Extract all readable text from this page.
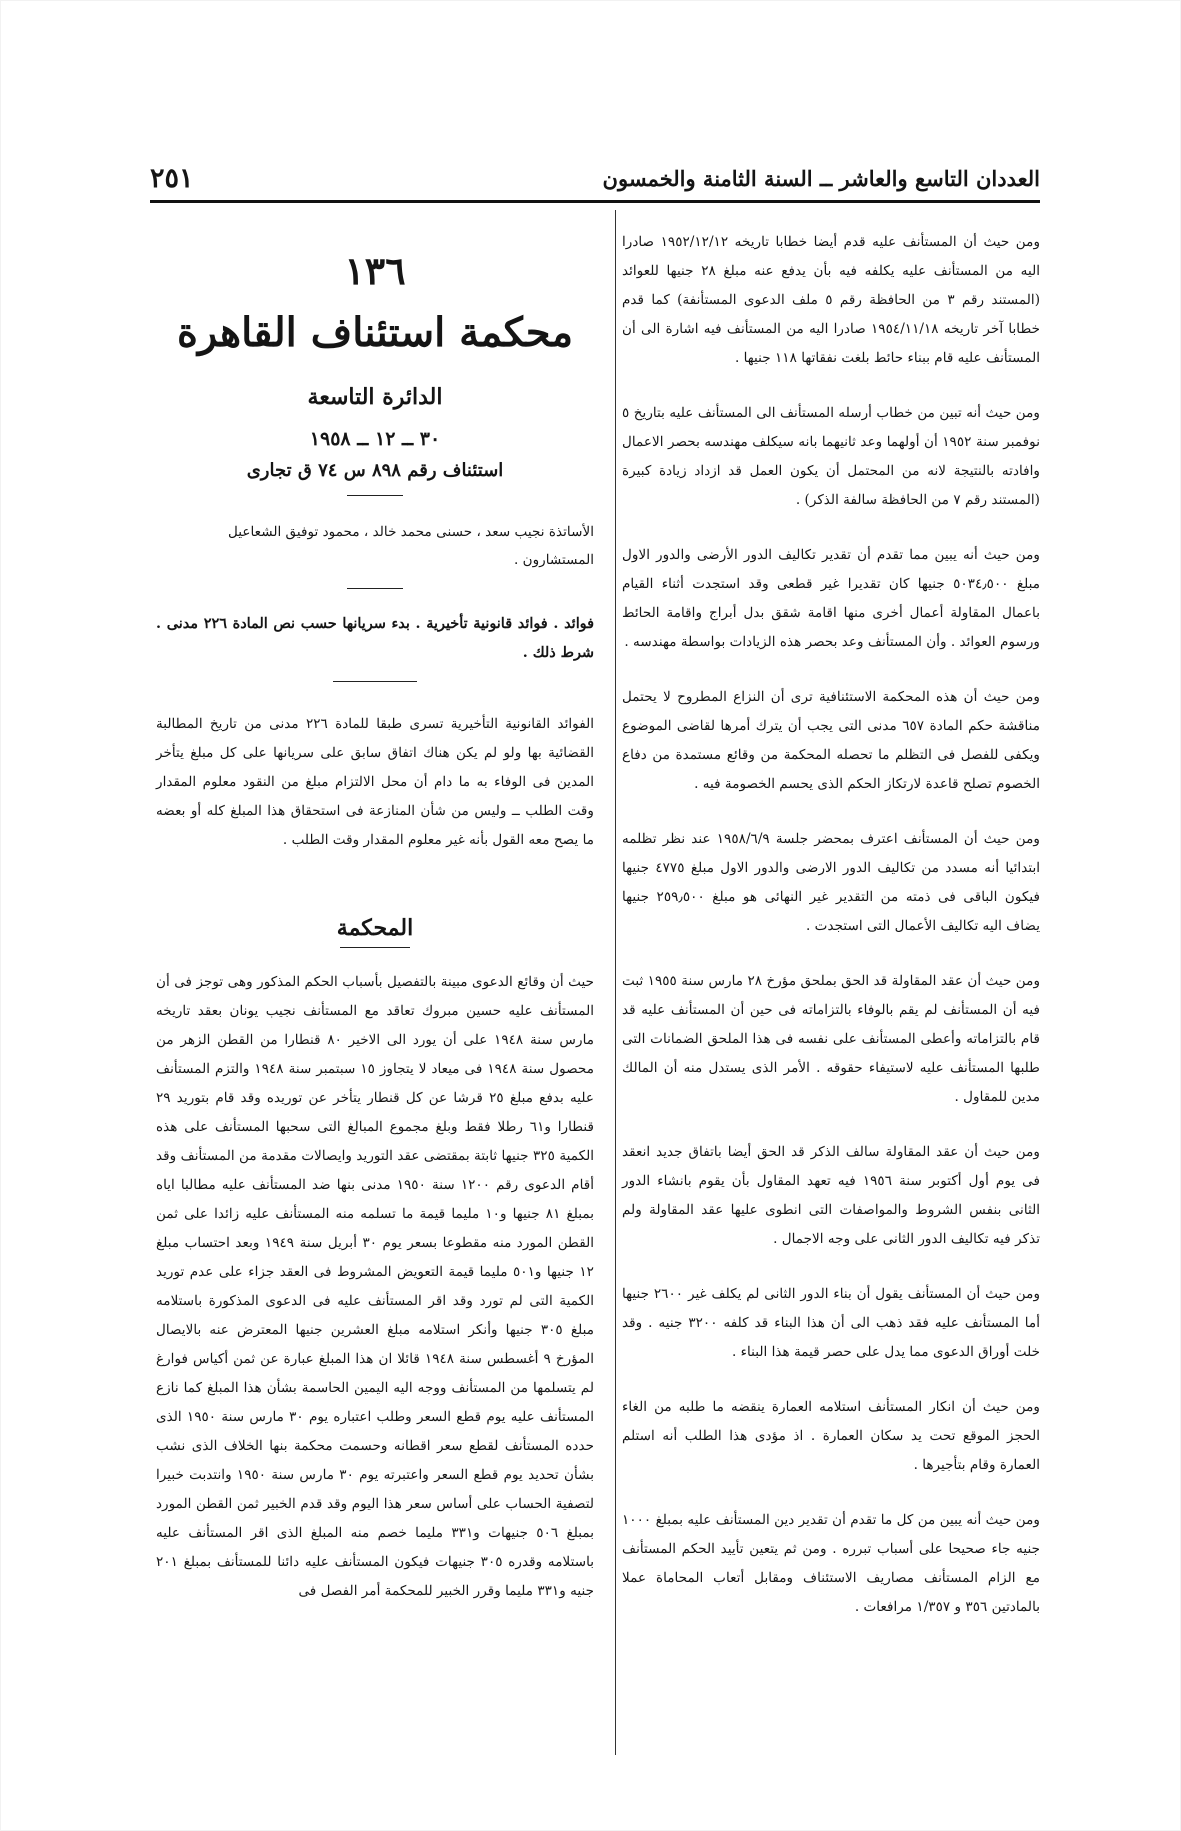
العددان التاسع والعاشر ــ السنة الثامنة والخمسون
٢٥١

ومن حيث أن المستأنف عليه قدم أيضا خطابا تاريخه ١٩٥٢/١٢/١٢ صادرا اليه من المستأنف عليه يكلفه فيه بأن يدفع عنه مبلغ ٢٨ جنيها للعوائد (المستند رقم ٣ من الحافظة رقم ٥ ملف الدعوى المستأنفة) كما قدم خطابا آخر تاريخه ١٩٥٤/١١/١٨ صادرا اليه من المستأنف فيه اشارة الى أن المستأنف عليه قام ببناء حائط بلغت نفقاتها ١١٨ جنيها .

ومن حيث أنه تبين من خطاب أرسله المستأنف الى المستأنف عليه بتاريخ ٥ نوفمبر سنة ١٩٥٢ أن أولهما وعد ثانيهما بانه سيكلف مهندسه بحصر الاعمال وافادته بالنتيجة لانه من المحتمل أن يكون العمل قد ازداد زيادة كبيرة (المستند رقم ٧ من الحافظة سالفة الذكر) .

ومن حيث أنه يبين مما تقدم أن تقدير تكاليف الدور الأرضى والدور الاول مبلغ ٥٠٣٤٫٥٠٠ جنيها كان تقديرا غير قطعى وقد استجدت أثناء القيام باعمال المقاولة أعمال أخرى منها اقامة شقق بدل أبراج واقامة الحائط ورسوم العوائد . وأن المستأنف وعد بحصر هذه الزيادات بواسطة مهندسه .

ومن حيث أن هذه المحكمة الاستئنافية ترى أن النزاع المطروح لا يحتمل مناقشة حكم المادة ٦٥٧ مدنى التى يجب أن يترك أمرها لقاضى الموضوع ويكفى للفصل فى التظلم ما تحصله المحكمة من وقائع مستمدة من دفاع الخصوم تصلح قاعدة لارتكاز الحكم الذى يحسم الخصومة فيه .

ومن حيث أن المستأنف اعترف بمحضر جلسة ١٩٥٨/٦/٩ عند نظر تظلمه ابتدائيا أنه مسدد من تكاليف الدور الارضى والدور الاول مبلغ ٤٧٧٥ جنيها فيكون الباقى فى ذمته من التقدير غير النهائى هو مبلغ ٢٥٩٫٥٠٠ جنيها يضاف اليه تكاليف الأعمال التى استجدت .

ومن حيث أن عقد المقاولة قد الحق بملحق مؤرخ ٢٨ مارس سنة ١٩٥٥ ثبت فيه أن المستأنف لم يقم بالوفاء بالتزاماته فى حين أن المستأنف عليه قد قام بالتزاماته وأعطى المستأنف على نفسه فى هذا الملحق الضمانات التى طلبها المستأنف عليه لاستيفاء حقوقه . الأمر الذى يستدل منه أن المالك مدين للمقاول .

ومن حيث أن عقد المقاولة سالف الذكر قد الحق أيضا باتفاق جديد انعقد فى يوم أول أكتوبر سنة ١٩٥٦ فيه تعهد المقاول بأن يقوم بانشاء الدور الثانى بنفس الشروط والمواصفات التى انطوى عليها عقد المقاولة ولم تذكر فيه تكاليف الدور الثانى على وجه الاجمال .

ومن حيث أن المستأنف يقول أن بناء الدور الثانى لم يكلف غير ٢٦٠٠ جنيها أما المستأنف عليه فقد ذهب الى أن هذا البناء قد كلفه ٣٢٠٠ جنيه . وقد خلت أوراق الدعوى مما يدل على حصر قيمة هذا البناء .

ومن حيث أن انكار المستأنف استلامه العمارة ينقضه ما طلبه من الغاء الحجز الموقع تحت يد سكان العمارة . اذ مؤدى هذا الطلب أنه استلم العمارة وقام بتأجيرها .

ومن حيث أنه يبين من كل ما تقدم أن تقدير دين المستأنف عليه بمبلغ ١٠٠٠ جنيه جاء صحيحا على أسباب تبرره . ومن ثم يتعين تأييد الحكم المستأنف مع الزام المستأنف مصاريف الاستئناف ومقابل أتعاب المحاماة عملا بالمادتين ٣٥٦ و ١/٣٥٧ مرافعات .

١٣٦
محكمة استئناف القاهرة
الدائرة التاسعة
٣٠ ــ ١٢ ــ ١٩٥٨
استئناف رقم ٨٩٨ س ٧٤ ق تجارى

الأساتذة نجيب سعد ، حسنى محمد خالد ، محمود توفيق الشعاعيل

المستشارون .

فوائد . فوائد قانونية تأخيرية . بدء سريانها حسب نص المادة ٢٢٦ مدنى . شرط ذلك .

الفوائد القانونية التأخيرية تسرى طبقا للمادة ٢٢٦ مدنى من تاريخ المطالبة القضائية بها ولو لم يكن هناك اتفاق سابق على سريانها على كل مبلغ يتأخر المدين فى الوفاء به ما دام أن محل الالتزام مبلغ من النقود معلوم المقدار وقت الطلب ــ وليس من شأن المنازعة فى استحقاق هذا المبلغ كله أو بعضه ما يصح معه القول بأنه غير معلوم المقدار وقت الطلب .

المحكمة

حيث أن وقائع الدعوى مبينة بالتفصيل بأسباب الحكم المذكور وهى توجز فى أن المستأنف عليه حسين مبروك تعاقد مع المستأنف نجيب يونان بعقد تاريخه مارس سنة ١٩٤٨ على أن يورد الى الاخير ٨٠ قنطارا من القطن الزهر من محصول سنة ١٩٤٨ فى ميعاد لا يتجاوز ١٥ سبتمبر سنة ١٩٤٨ والتزم المستأنف عليه بدفع مبلغ ٢٥ قرشا عن كل قنطار يتأخر عن توريده وقد قام بتوريد ٢٩ قنطارا و٦١ رطلا فقط وبلغ مجموع المبالغ التى سحبها المستأنف على هذه الكمية ٣٢٥ جنيها ثابتة بمقتضى عقد التوريد وايصالات مقدمة من المستأنف وقد أقام الدعوى رقم ١٢٠٠ سنة ١٩٥٠ مدنى بنها ضد المستأنف عليه مطالبا اياه بمبلغ ٨١ جنيها و١٠ مليما قيمة ما تسلمه منه المستأنف عليه زائدا على ثمن القطن المورد منه مقطوعا بسعر يوم ٣٠ أبريل سنة ١٩٤٩ وبعد احتساب مبلغ ١٢ جنيها و٥٠١ مليما قيمة التعويض المشروط فى العقد جزاء على عدم توريد الكمية التى لم تورد وقد اقر المستأنف عليه فى الدعوى المذكورة باستلامه مبلغ ٣٠٥ جنيها وأنكر استلامه مبلغ العشرين جنيها المعترض عنه بالايصال المؤرخ ٩ أغسطس سنة ١٩٤٨ قائلا ان هذا المبلغ عبارة عن ثمن أكياس فوارغ لم يتسلمها من المستأنف ووجه اليه اليمين الحاسمة بشأن هذا المبلغ كما نازع المستأنف عليه يوم قطع السعر وطلب اعتباره يوم ٣٠ مارس سنة ١٩٥٠ الذى حدده المستأنف لقطع سعر اقطانه وحسمت محكمة بنها الخلاف الذى نشب بشأن تحديد يوم قطع السعر واعتبرته يوم ٣٠ مارس سنة ١٩٥٠ وانتدبت خبيرا لتصفية الحساب على أساس سعر هذا اليوم وقد قدم الخبير ثمن القطن المورد بمبلغ ٥٠٦ جنيهات و٣٣١ مليما خصم منه المبلغ الذى اقر المستأنف عليه باستلامه وقدره ٣٠٥ جنيهات فيكون المستأنف عليه دائنا للمستأنف بمبلغ ٢٠١ جنيه و٣٣١ مليما وقرر الخبير للمحكمة أمر الفصل فى
